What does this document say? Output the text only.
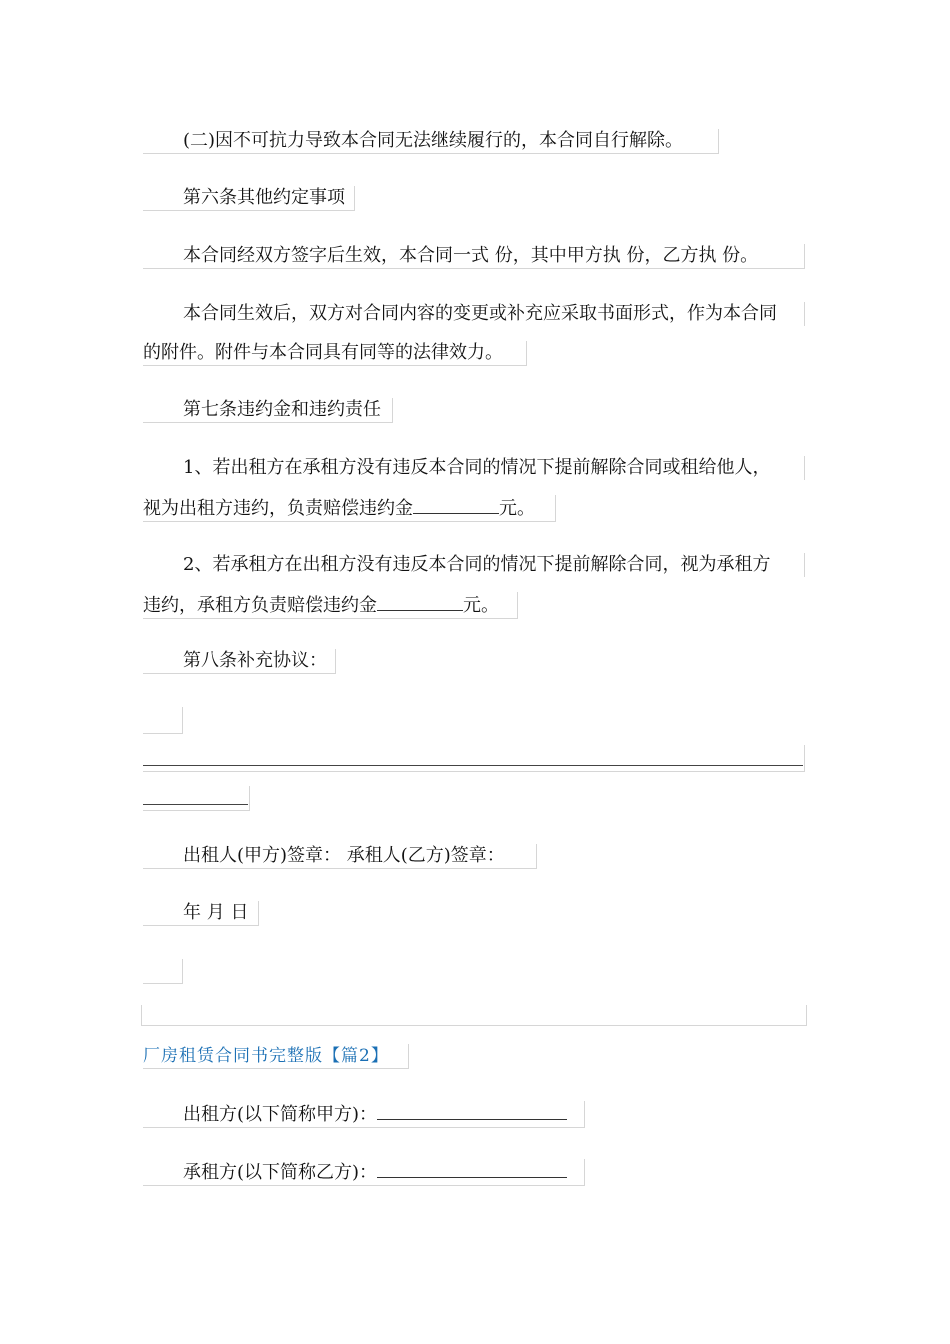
(二)因不可抗力导致本合同无法继续履行的，本合同自行解除。
第六条其他约定事项
本合同经双方签字后生效，本合同一式 份，其中甲方执 份，乙方执 份。
本合同生效后，双方对合同内容的变更或补充应采取书面形式，作为本合同
的附件。附件与本合同具有同等的法律效力。
第七条违约金和违约责任
1、若出租方在承租方没有违反本合同的情况下提前解除合同或租给他人，
视为出租方违约，负责赔偿违约金	元。
2、若承租方在出租方没有违反本合同的情况下提前解除合同，视为承租方
违约，承租方负责赔偿违约金	元。
第八条补充协议：
出租人(甲方)签章： 承租人(乙方)签章：
年 月 日
厂房租赁合同书完整版【篇2】
出租方(以下简称甲方)：
承租方(以下简称乙方)：
